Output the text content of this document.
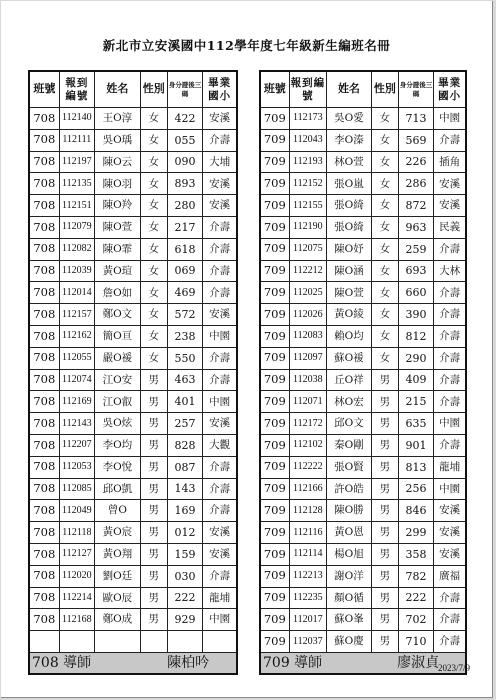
新北市立安溪國中112學年度七年級新生編班名冊
班號	報到編號	姓名	性別	身分證後三碼	畢業國小
708	112140	王O淳	女	422	安溪
708	112111	吳O瑀	女	055	介壽
708	112197	陳O云	女	090	大埔
708	112135	陳O羽	女	893	安溪
708	112151	陳O羚	女	280	安溪
708	112079	陳O萱	女	217	介壽
708	112082	陳O霏	女	618	介壽
708	112039	黃O瑄	女	069	介壽
708	112014	詹O如	女	469	介壽
708	112157	鄭O文	女	572	安溪
708	112162	簡O亘	女	238	中園
708	112055	嚴O褑	女	550	介壽
708	112074	江O安	男	463	介壽
708	112169	江O叡	男	401	中園
708	112143	吳O炫	男	257	安溪
708	112207	李O均	男	828	大觀
708	112053	李O悅	男	087	介壽
708	112085	邱O凱	男	143	介壽
708	112049	曾O	男	169	介壽
708	112118	黃O宸	男	012	安溪
708	112127	黃O翔	男	159	安溪
708	112020	劉O廷	男	030	介壽
708	112214	歐O辰	男	222	龍埔
708	112168	鄭O成	男	929	中園

708 導師			陳柏吟		
班號	報到編號	姓名	性別	身分證後三碼	畢業國小
709	112173	吳O愛	女	713	中園
709	112043	李O溱	女	569	介壽
709	112193	林O萱	女	226	插角
709	112152	張O嵐	女	286	安溪
709	112155	張O綺	女	872	安溪
709	112190	張O綺	女	963	民義
709	112075	陳O妤	女	259	介壽
709	112212	陳O涵	女	693	大林
709	112025	陳O萱	女	660	介壽
709	112026	黃O綾	女	390	介壽
709	112083	賴O均	女	812	介壽
709	112097	蘇O褑	女	290	介壽
709	112038	丘O祥	男	409	介壽
709	112071	林O宏	男	215	介壽
709	112172	邱O文	男	635	中園
709	112102	秦O剛	男	901	介壽
709	112222	張O賢	男	813	龍埔
709	112166	許O皓	男	256	中園
709	112128	陳O勝	男	846	安溪
709	112116	黃O恩	男	299	安溪
709	112114	楊O旭	男	358	安溪
709	112213	謝O洋	男	782	廣福
709	112235	顏O循	男	222	介壽
709	112017	蘇O峯	男	702	介壽
709	112037	蘇O慶	男	710	介壽
709 導師			廖淑貞		
2023/7/9
